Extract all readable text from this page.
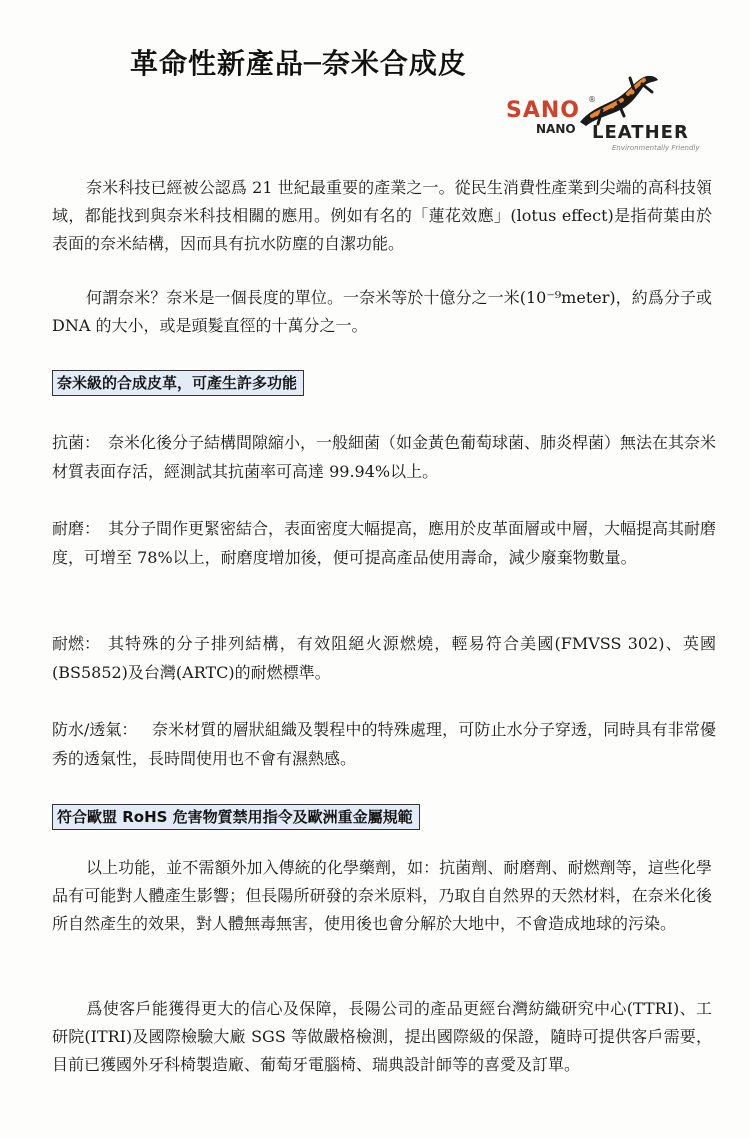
革命性新產品─奈米合成皮
SANO ®
NANO LEATHER
Environmentally Friendly

奈米科技已經被公認爲 21 世紀最重要的產業之一。從民生消費性產業到尖端的高科技領域，都能找到與奈米科技相關的應用。例如有名的「蓮花效應」(lotus effect)是指荷葉由於表面的奈米結構，因而具有抗水防塵的自潔功能。

何謂奈米？奈米是一個長度的單位。一奈米等於十億分之一米(10⁻⁹meter)，約爲分子或 DNA 的大小，或是頭髮直徑的十萬分之一。

奈米級的合成皮革，可產生許多功能
抗菌： 奈米化後分子結構間隙縮小，一般細菌（如金黃色葡萄球菌、肺炎桿菌）無法在其奈米材質表面存活，經測試其抗菌率可高達 99.94%以上。

耐磨： 其分子間作更緊密結合，表面密度大幅提高，應用於皮革面層或中層，大幅提高其耐磨度，可增至 78%以上，耐磨度增加後，便可提高產品使用壽命，減少廢棄物數量。

耐燃： 其特殊的分子排列結構，有效阻絕火源燃燒，輕易符合美國(FMVSS 302)、英國(BS5852)及台灣(ARTC)的耐燃標準。

防水/透氣： 奈米材質的層狀組織及製程中的特殊處理，可防止水分子穿透，同時具有非常優秀的透氣性，長時間使用也不會有濕熱感。

符合歐盟 RoHS 危害物質禁用指令及歐洲重金屬規範

以上功能，並不需額外加入傳統的化學藥劑，如：抗菌劑、耐磨劑、耐燃劑等，這些化學品有可能對人體產生影響；但長陽所研發的奈米原料，乃取自自然界的天然材料，在奈米化後所自然產生的效果，對人體無毒無害，使用後也會分解於大地中，不會造成地球的污染。

爲使客戶能獲得更大的信心及保障，長陽公司的產品更經台灣紡織研究中心(TTRI)、工研院(ITRI)及國際檢驗大廠 SGS 等做嚴格檢測，提出國際級的保證，隨時可提供客戶需要，目前已獲國外牙科椅製造廠、葡萄牙電腦椅、瑞典設計師等的喜愛及訂單。
